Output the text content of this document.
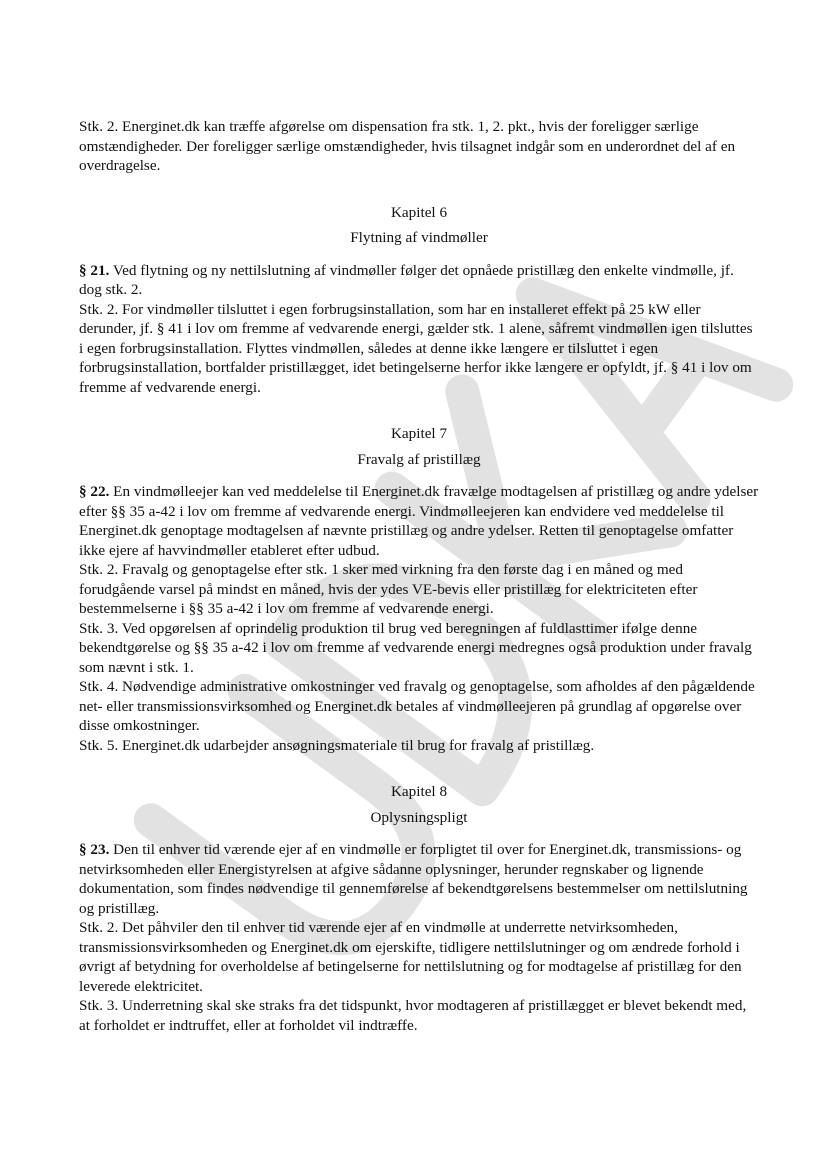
Stk. 2. Energinet.dk kan træffe afgørelse om dispensation fra stk. 1, 2. pkt., hvis der foreligger særlige omstændigheder. Der foreligger særlige omstændigheder, hvis tilsagnet indgår som en underordnet del af en overdragelse.

Kapitel 6

Flytning af vindmøller

§ 21. Ved flytning og ny nettilslutning af vindmøller følger det opnåede pristillæg den enkelte vindmølle, jf. dog stk. 2.

Stk. 2. For vindmøller tilsluttet i egen forbrugsinstallation, som har en installeret effekt på 25 kW eller derunder, jf. § 41 i lov om fremme af vedvarende energi, gælder stk. 1 alene, såfremt vindmøllen igen tilsluttes i egen forbrugsinstallation. Flyttes vindmøllen, således at denne ikke længere er tilsluttet i egen forbrugsinstallation, bortfalder pristillægget, idet betingelserne herfor ikke længere er opfyldt, jf. § 41 i lov om fremme af vedvarende energi.

Kapitel 7

Fravalg af pristillæg

§ 22. En vindmølleejer kan ved meddelelse til Energinet.dk fravælge modtagelsen af pristillæg og andre ydelser efter §§ 35 a-42 i lov om fremme af vedvarende energi. Vindmølleejeren kan endvidere ved meddelelse til Energinet.dk genoptage modtagelsen af nævnte pristillæg og andre ydelser. Retten til genoptagelse omfatter ikke ejere af havvindmøller etableret efter udbud.

Stk. 2. Fravalg og genoptagelse efter stk. 1 sker med virkning fra den første dag i en måned og med forudgående varsel på mindst en måned, hvis der ydes VE-bevis eller pristillæg for elektriciteten efter bestemmelserne i §§ 35 a-42 i lov om fremme af vedvarende energi.

Stk. 3. Ved opgørelsen af oprindelig produktion til brug ved beregningen af fuldlasttimer ifølge denne bekendtgørelse og §§ 35 a-42 i lov om fremme af vedvarende energi medregnes også produktion under fravalg som nævnt i stk. 1.

Stk. 4. Nødvendige administrative omkostninger ved fravalg og genoptagelse, som afholdes af den pågældende net- eller transmissionsvirksomhed og Energinet.dk betales af vindmølleejeren på grundlag af opgørelse over disse omkostninger.

Stk. 5. Energinet.dk udarbejder ansøgningsmateriale til brug for fravalg af pristillæg.

Kapitel 8

Oplysningspligt

§ 23. Den til enhver tid værende ejer af en vindmølle er forpligtet til over for Energinet.dk, transmissions- og netvirksomheden eller Energistyrelsen at afgive sådanne oplysninger, herunder regnskaber og lignende dokumentation, som findes nødvendige til gennemførelse af bekendtgørelsens bestemmelser om nettilslutning og pristillæg.

Stk. 2. Det påhviler den til enhver tid værende ejer af en vindmølle at underrette netvirksomheden, transmissionsvirksomheden og Energinet.dk om ejerskifte, tidligere nettilslutninger og om ændrede forhold i øvrigt af betydning for overholdelse af betingelserne for nettilslutning og for modtagelse af pristillæg for den leverede elektricitet.

Stk. 3. Underretning skal ske straks fra det tidspunkt, hvor modtageren af pristillægget er blevet bekendt med, at forholdet er indtruffet, eller at forholdet vil indtræffe.
